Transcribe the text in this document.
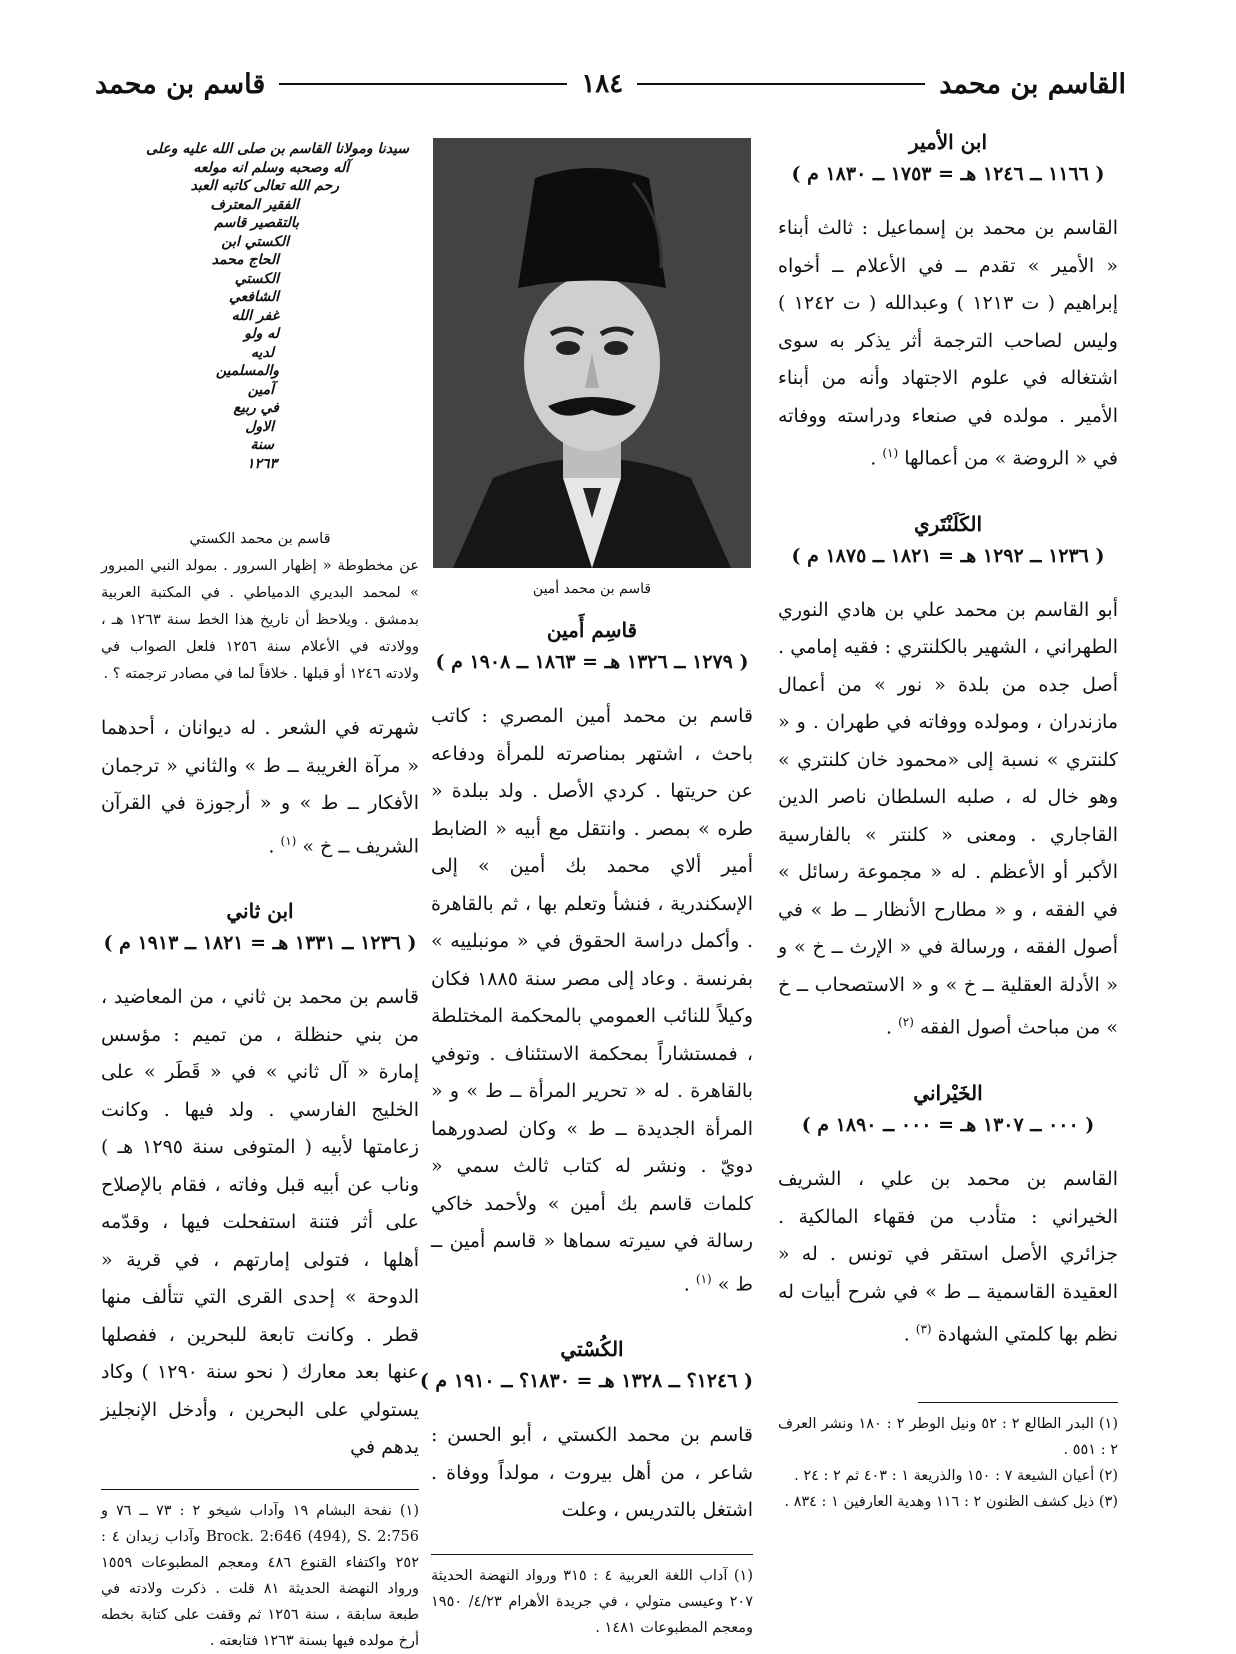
القاسم بن محمد
١٨٤
قاسم بن محمد
ابن الأمير
( ١١٦٦ ــ ١٢٤٦ هـ = ١٧٥٣ ــ ١٨٣٠ م )

القاسم بن محمد بن إسماعيل : ثالث أبناء « الأمير » تقدم ــ في الأعلام ــ أخواه إبراهيم ( ت ١٢١٣ ) وعبدالله ( ت ١٢٤٢ ) وليس لصاحب الترجمة أثر يذكر به سوى اشتغاله في علوم الاجتهاد وأنه من أبناء الأمير . مولده في صنعاء ودراسته ووفاته في « الروضة » من أعمالها $^{(١)}$ .

الكَلَنْتَري
( ١٢٣٦ ــ ١٢٩٢ هـ = ١٨٢١ ــ ١٨٧٥ م )

أبو القاسم بن محمد علي بن هادي النوري الطهراني ، الشهير بالكلنتري : فقيه إمامي . أصل جده من بلدة « نور » من أعمال مازندران ، ومولده ووفاته في طهران . و « كلنتري » نسبة إلى «محمود خان كلنتري » وهو خال له ، صلبه السلطان ناصر الدين القاجاري . ومعنى « كلنتر » بالفارسية الأكبر أو الأعظم . له « مجموعة رسائل » في الفقه ، و « مطارح الأنظار ــ ط » في أصول الفقه ، ورسالة في « الإرث ــ خ » و « الأدلة العقلية ــ خ » و « الاستصحاب ــ خ » من مباحث أصول الفقه $^{(٢)}$ .

الخَيْراني
( ٠٠٠ ــ ١٣٠٧ هـ = ٠٠٠ ــ ١٨٩٠ م )

القاسم بن محمد بن علي ، الشريف الخيراني : متأدب من فقهاء المالكية . جزائري الأصل استقر في تونس . له « العقيدة القاسمية ــ ط » في شرح أبيات له نظم بها كلمتي الشهادة $^{(٣)}$ .

(١) البدر الطالع ٢ : ٥٢ ونيل الوطر ٢ : ١٨٠ ونشر العرف ٢ : ٥٥١ .

(٢) أعيان الشيعة ٧ : ١٥٠ والذريعة ١ : ٤٠٣ ثم ٢ : ٢٤ .

(٣) ذيل كشف الظنون ٢ : ١١٦ وهدية العارفين ١ : ٨٣٤ .

قاسم بن محمد أمين
قاسِم أَمين
( ١٢٧٩ ــ ١٣٢٦ هـ = ١٨٦٣ ــ ١٩٠٨ م )

قاسم بن محمد أمين المصري : كاتب باحث ، اشتهر بمناصرته للمرأة ودفاعه عن حريتها . كردي الأصل . ولد ببلدة « طره » بمصر . وانتقل مع أبيه « الضابط أمير ألاي محمد بك أمين » إلى الإسكندرية ، فنشأ وتعلم بها ، ثم بالقاهرة . وأكمل دراسة الحقوق في « مونبلييه » بفرنسة . وعاد إلى مصر سنة ١٨٨٥ فكان وكيلاً للنائب العمومي بالمحكمة المختلطة ، فمستشاراً بمحكمة الاستئناف . وتوفي بالقاهرة . له « تحرير المرأة ــ ط » و « المرأة الجديدة ــ ط » وكان لصدورهما دويّ . ونشر له كتاب ثالث سمي « كلمات قاسم بك أمين » ولأحمد خاكي رسالة في سيرته سماها « قاسم أمين ــ ط » $^{(١)}$ .

الكُسْتي
( ١٢٤٦؟ ــ ١٣٢٨ هـ = ١٨٣٠؟ ــ ١٩١٠ م )

قاسم بن محمد الكستي ، أبو الحسن : شاعر ، من أهل بيروت ، مولداً ووفاة . اشتغل بالتدريس ، وعلت

(١) آداب اللغة العربية ٤ : ٣١٥ ورواد النهضة الحديثة ٢٠٧ وعيسى متولي ، في جريدة الأهرام ٤/٢٣/ ١٩٥٠ ومعجم المطبوعات ١٤٨١ .

سيدنا ومولانا القاسم بن صلى الله عليه وعلى
آله وصحبه وسلم انه مولعه
رحم الله تعالى كاتبه العبد
الفقير المعترف
بالتقصير قاسم
الكستي ابن
الحاج محمد
الكستي
الشافعي
غفر الله
له ولو
لديه
والمسلمين
آمين
في ربيع
الاول
سنة
١٢٦٣
قاسم بن محمد الكستي
عن مخطوطة « إظهار السرور . بمولد النبي المبرور » لمحمد البديري الدمياطي . في المكتبة العربية بدمشق . ويلاحظ أن تاريخ هذا الخط سنة ١٢٦٣ هـ ، وولادته في الأعلام سنة ١٢٥٦ فلعل الصواب في ولادته ١٢٤٦ أو قبلها . خلافاً لما في مصادر ترجمته ؟ .

شهرته في الشعر . له ديوانان ، أحدهما « مرآة الغريبة ــ ط » والثاني « ترجمان الأفكار ــ ط » و « أرجوزة في القرآن الشريف ــ خ » $^{(١)}$ .

ابن ثاني
( ١٢٣٦ ــ ١٣٣١ هـ = ١٨٢١ ــ ١٩١٣ م )

قاسم بن محمد بن ثاني ، من المعاضيد ، من بني حنظلة ، من تميم : مؤسس إمارة « آل ثاني » في « قَطَر » على الخليج الفارسي . ولد فيها . وكانت زعامتها لأبيه ( المتوفى سنة ١٢٩٥ هـ ) وناب عن أبيه قبل وفاته ، فقام بالإصلاح على أثر فتنة استفحلت فيها ، وقدّمه أهلها ، فتولى إمارتهم ، في قرية « الدوحة » إحدى القرى التي تتألف منها قطر . وكانت تابعة للبحرين ، ففصلها عنها بعد معارك ( نحو سنة ١٢٩٠ ) وكاد يستولي على البحرين ، وأدخل الإنجليز يدهم في

(١) نفحة البشام ١٩ وآداب شيخو ٢ : ٧٣ ــ ٧٦ و Brock. 2:646 (494), S. 2:756 وآداب زيدان ٤ : ٢٥٢ واكتفاء القنوع ٤٨٦ ومعجم المطبوعات ١٥٥٩ ورواد النهضة الحديثة ٨١ قلت . ذكرت ولادته في طبعة سابقة ، سنة ١٢٥٦ ثم وقفت على كتابة بخطه أرخ مولده فيها بسنة ١٢٦٣ فتابعته .
